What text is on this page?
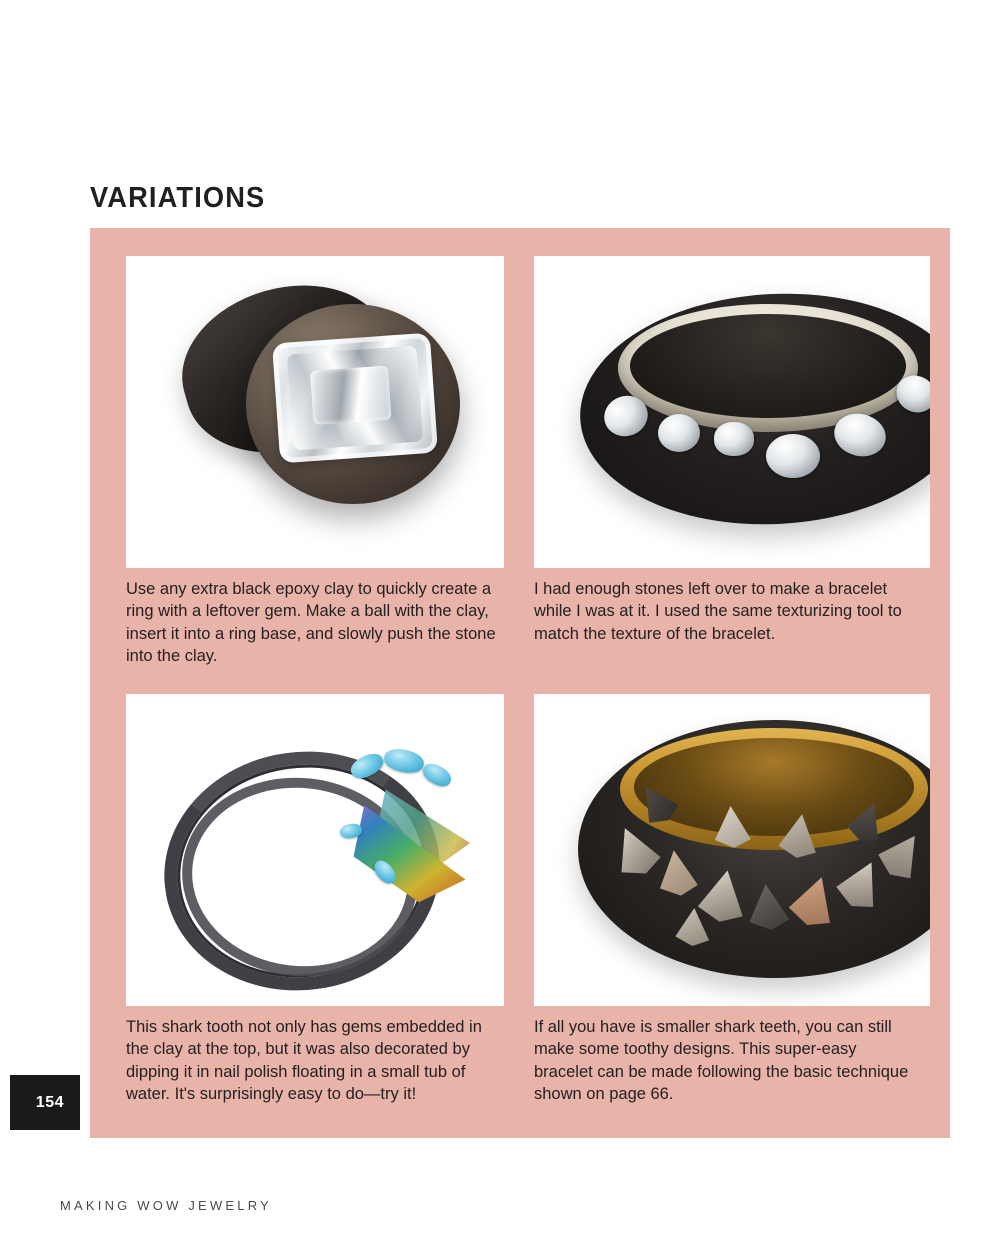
VARIATIONS
Use any extra black epoxy clay to quickly create a ring with a leftover gem. Make a ball with the clay, insert it into a ring base, and slowly push the stone into the clay.
I had enough stones left over to make a bracelet while I was at it. I used the same texturizing tool to match the texture of the bracelet.
This shark tooth not only has gems embedded in the clay at the top, but it was also decorated by dipping it in nail polish floating in a small tub of water. It's surprisingly easy to do—try it!
If all you have is smaller shark teeth, you can still make some toothy designs. This super-easy bracelet can be made following the basic technique shown on page 66.
154
MAKING WOW JEWELRY
